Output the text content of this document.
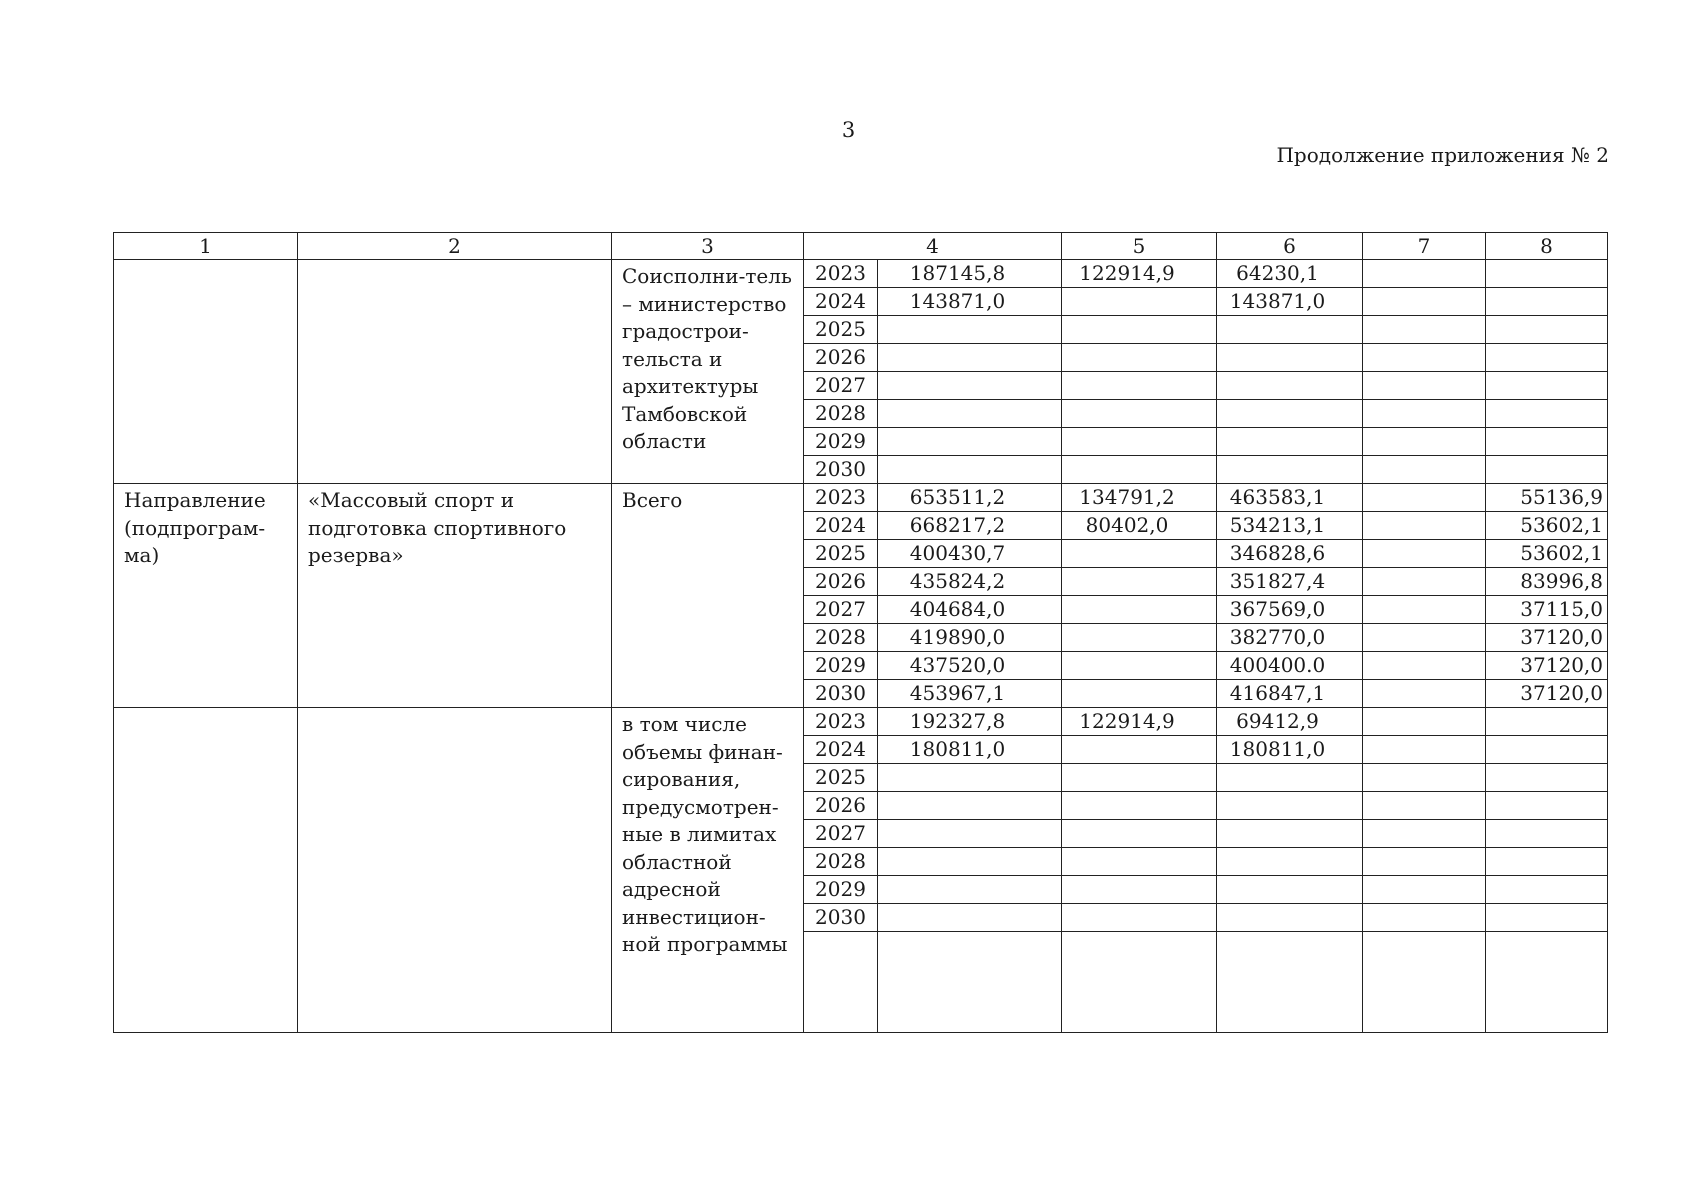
3
Продолжение приложения № 2
1	2	3	4		5	6	7	8
		Соисполни-тель – министерство градострои-тельста и архитектуры Тамбовской области	2023	187145,8	122914,9	64230,1		
			2024	143871,0		143871,0		
			2025					
			2026					
			2027					
			2028					
			2029					
			2030					
Направление (подпрограм-ма)	«Массовый спорт и подготовка спортивного резерва»	Всего	2023	653511,2	134791,2	463583,1		55136,9
			2024	668217,2	80402,0	534213,1		53602,1
			2025	400430,7		346828,6		53602,1
			2026	435824,2		351827,4		83996,8
			2027	404684,0		367569,0		37115,0
			2028	419890,0		382770,0		37120,0
			2029	437520,0		400400.0		37120,0
			2030	453967,1		416847,1		37120,0
		в том числе объемы финан-сирования, предусмотрен-ные в лимитах областной адресной инвестицион-ной программы	2023	192327,8	122914,9	69412,9		
			2024	180811,0		180811,0		
			2025					
			2026					
			2027					
			2028					
			2029					
			2030					
